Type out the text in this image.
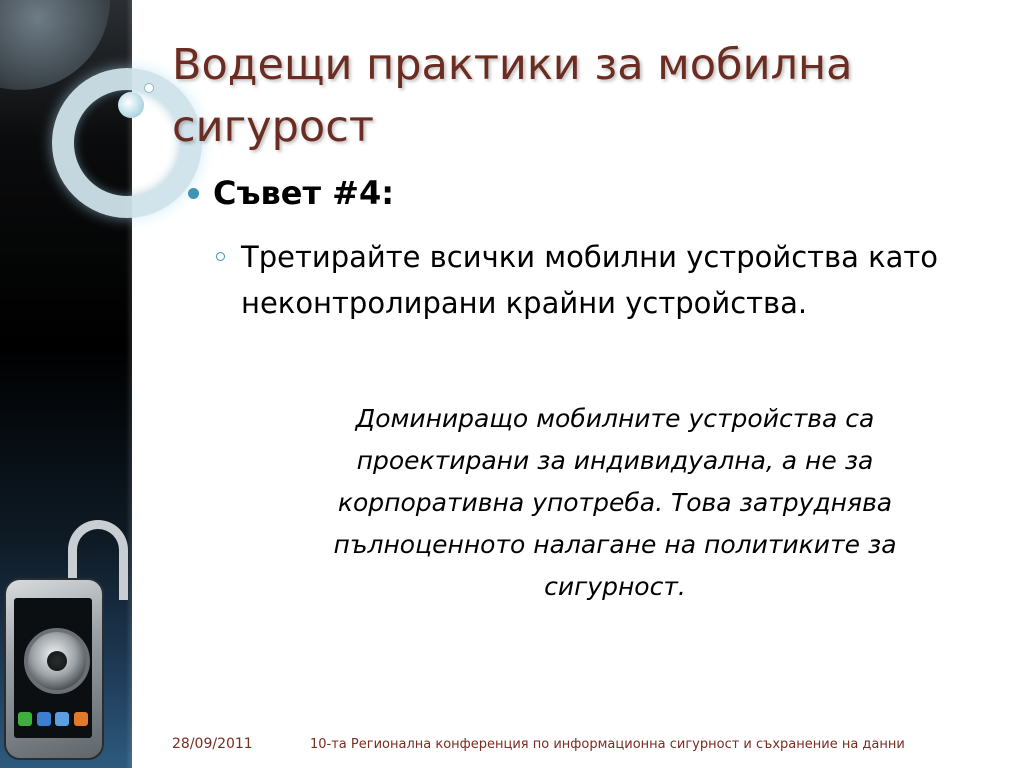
Водещи практики за мобилна сигурост
Съвет #4:
Третирайте всички мобилни устройства като неконтролирани крайни устройства.
Доминиращо мобилните устройства са проектирани за индивидуална, а не за корпоративна употреба. Това затруднява пълноценното налагане на политиките за сигурност.
28/09/2011	10-та Регионална конференция по информационна сигурност и съхранение на данни
